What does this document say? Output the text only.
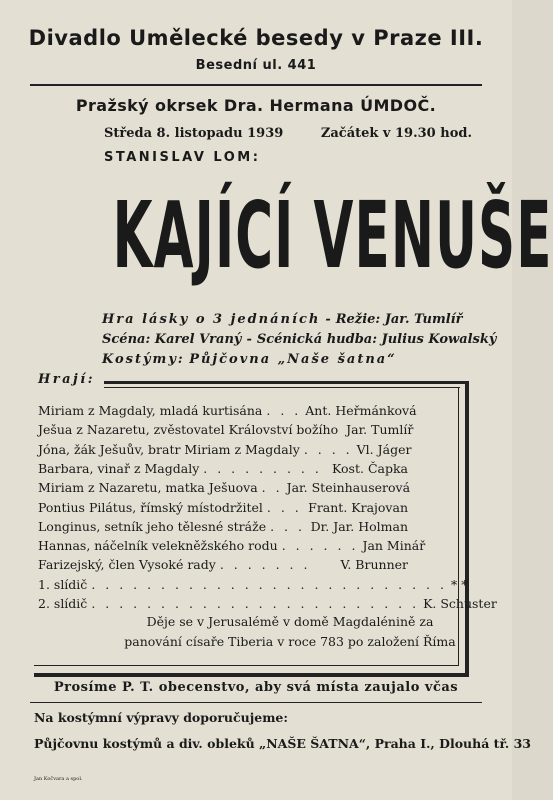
Divadlo Umělecké besedy v Praze III.
Besední ul. 441
Pražský okrsek Dra. Hermana ÚMDOČ.
Středa 8. listopadu 1939	Začátek v 19.30 hod.
STANISLAV LOM:
KAJÍCÍ VENUŠE
Hra lásky o 3 jednáních - Režie: Jar. Tumlíř
Scéna: Karel Vraný - Scénická hudba: Julius Kowalský
Kostýmy: Půjčovna „Naše šatna“
Hrají:
Miriam z Magdaly, mladá kurtisána . . . Ant. Heřmánková
Ješua z Nazaretu, zvěstovatel Království božího Jar. Tumlíř
Jóna, žák Ješuův, bratr Miriam z Magdaly . . . . Vl. Jáger
Barbara, vinař z Magdaly . . . . . . . . . Kost. Čapka
Miriam z Nazaretu, matka Ješuova . . Jar. Steinhauserová
Pontius Pilátus, římský místodržitel . . . Frant. Krajovan
Longinus, setník jeho tělesné stráže . . . Dr. Jar. Holman
Hannas, náčelník velekněžského rodu . . . . . . Jan Minář
Farizejský, člen Vysoké rady . . . . . . .	V. Brunner
1. slídič . . . . . . . . . . . . . . . . . . . . . . . . . . * *
2. slídič . . . . . . . . . . . . . . . . . . . . . . . . K. Schuster
Děje se v Jerusalémě v domě Magdalénině za panování císaře Tiberia v roce 783 po založení Říma
Prosíme P. T. obecenstvo, aby svá místa zaujalo včas
Na kostýmní výpravy doporučujeme:
Půjčovnu kostýmů a div. obleků „NAŠE ŠATNA“, Praha I., Dlouhá tř. 33
Jan Kočvara a spol.
